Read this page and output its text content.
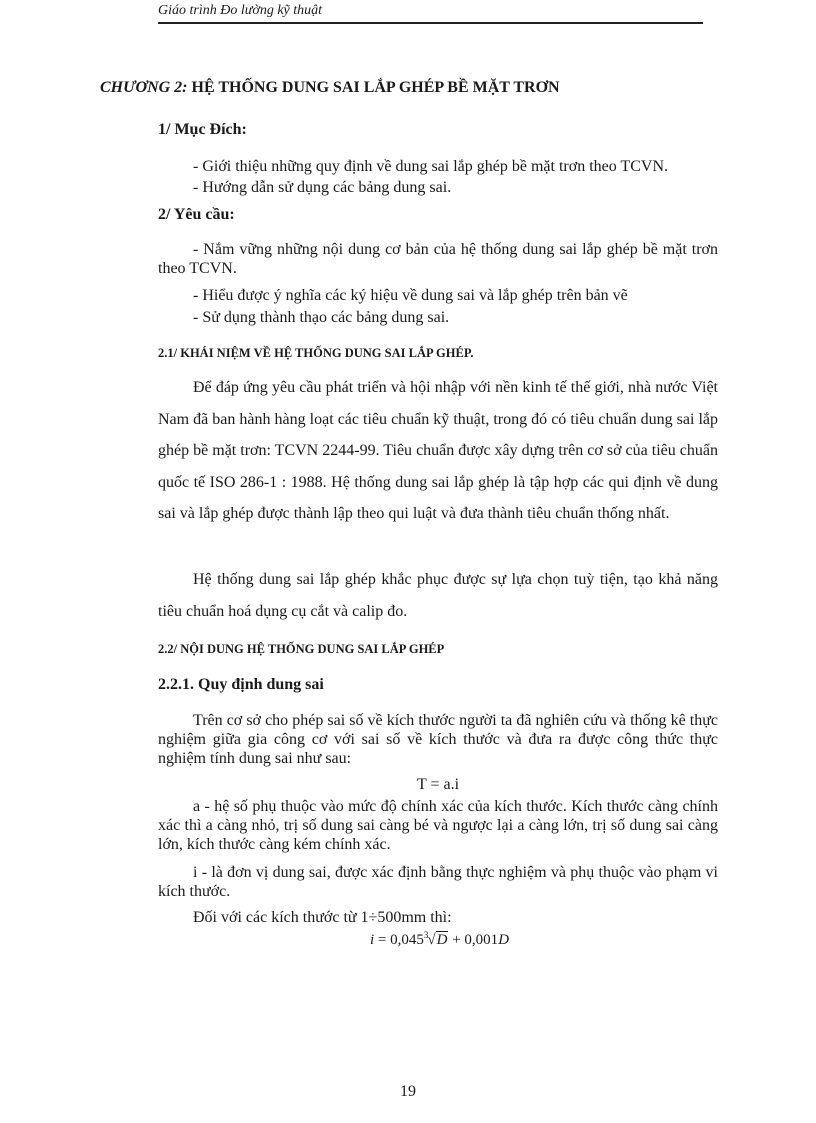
Giáo trình Đo lường kỹ thuật
CHƯƠNG 2: HỆ THỐNG DUNG SAI LẮP GHÉP BỀ MẶT TRƠN

1/ Mục Đích:

- Giới thiệu những quy định về dung sai lắp ghép bề mặt trơn theo TCVN.

- Hướng dẫn sử dụng các bảng dung sai.

2/ Yêu cầu:

- Nắm vững những nội dung cơ bản của hệ thống dung sai lắp ghép bề mặt trơn theo TCVN.

- Hiểu được ý nghĩa các ký hiệu về dung sai và lắp ghép trên bản vẽ

- Sử dụng thành thạo các bảng dung sai.

2.1/ KHÁI NIỆM VỀ HỆ THỐNG DUNG SAI LẮP GHÉP.

Để đáp ứng yêu cầu phát triển và hội nhập với nền kinh tế thế giới, nhà nước Việt Nam đã ban hành hàng loạt các tiêu chuẩn kỹ thuật, trong đó có tiêu chuẩn dung sai lắp ghép bề mặt trơn: TCVN 2244-99. Tiêu chuẩn được xây dựng trên cơ sở của tiêu chuẩn quốc tế ISO 286-1 : 1988. Hệ thống dung sai lắp ghép là tập hợp các qui định về dung sai và lắp ghép được thành lập theo qui luật và đưa thành tiêu chuẩn thống nhất.

Hệ thống dung sai lắp ghép khắc phục được sự lựa chọn tuỳ tiện, tạo khả năng tiêu chuẩn hoá dụng cụ cắt và calip đo.

2.2/ NỘI DUNG HỆ THỐNG DUNG SAI LẮP GHÉP

2.2.1. Quy định dung sai

Trên cơ sở cho phép sai số về kích thước người ta đã nghiên cứu và thống kê thực nghiệm giữa gia công cơ với sai số về kích thước và đưa ra được công thức thực nghiệm tính dung sai như sau:

T = a.i

a - hệ số phụ thuộc vào mức độ chính xác của kích thước. Kích thước càng chính xác thì a càng nhỏ, trị số dung sai càng bé và ngược lại a càng lớn, trị số dung sai càng lớn, kích thước càng kém chính xác.

i - là đơn vị dung sai, được xác định bằng thực nghiệm và phụ thuộc vào phạm vi kích thước.

Đối với các kích thước từ 1÷500mm thì:

$i = 0,045^3√D + 0,001D$
19
